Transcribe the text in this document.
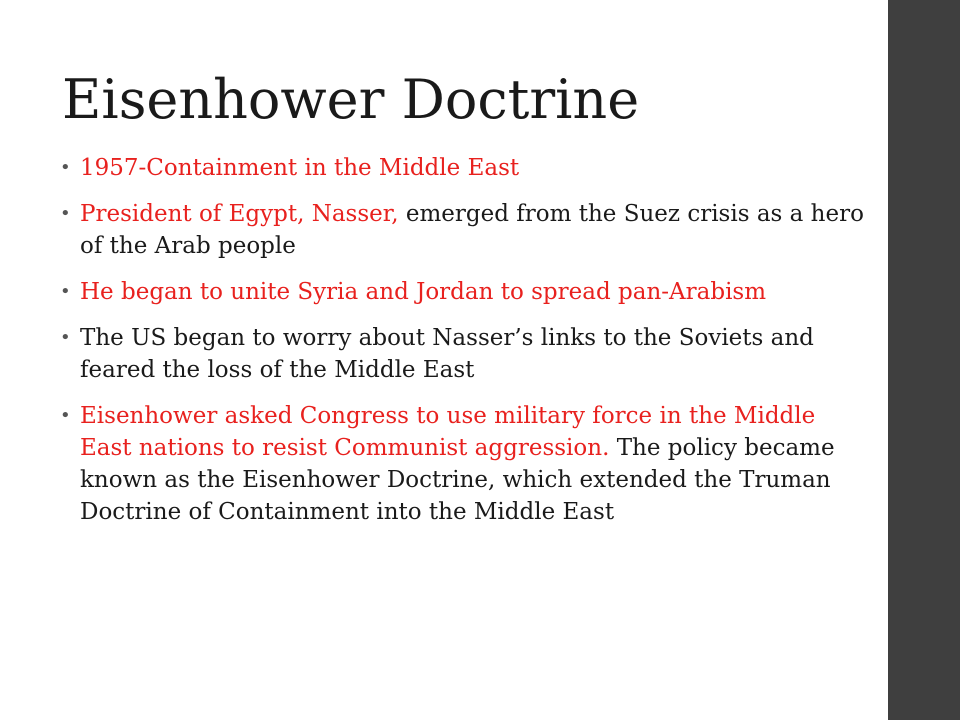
Eisenhower Doctrine
• 1957-Containment in the Middle East
• President of Egypt, Nasser, emerged from the Suez crisis as a hero of the Arab people
• He began to unite Syria and Jordan to spread pan-Arabism
• The US began to worry about Nasser’s links to the Soviets and feared the loss of the Middle East
• Eisenhower asked Congress to use military force in the Middle East nations to resist Communist aggression. The policy became known as the Eisenhower Doctrine, which extended the Truman Doctrine of Containment into the Middle East
